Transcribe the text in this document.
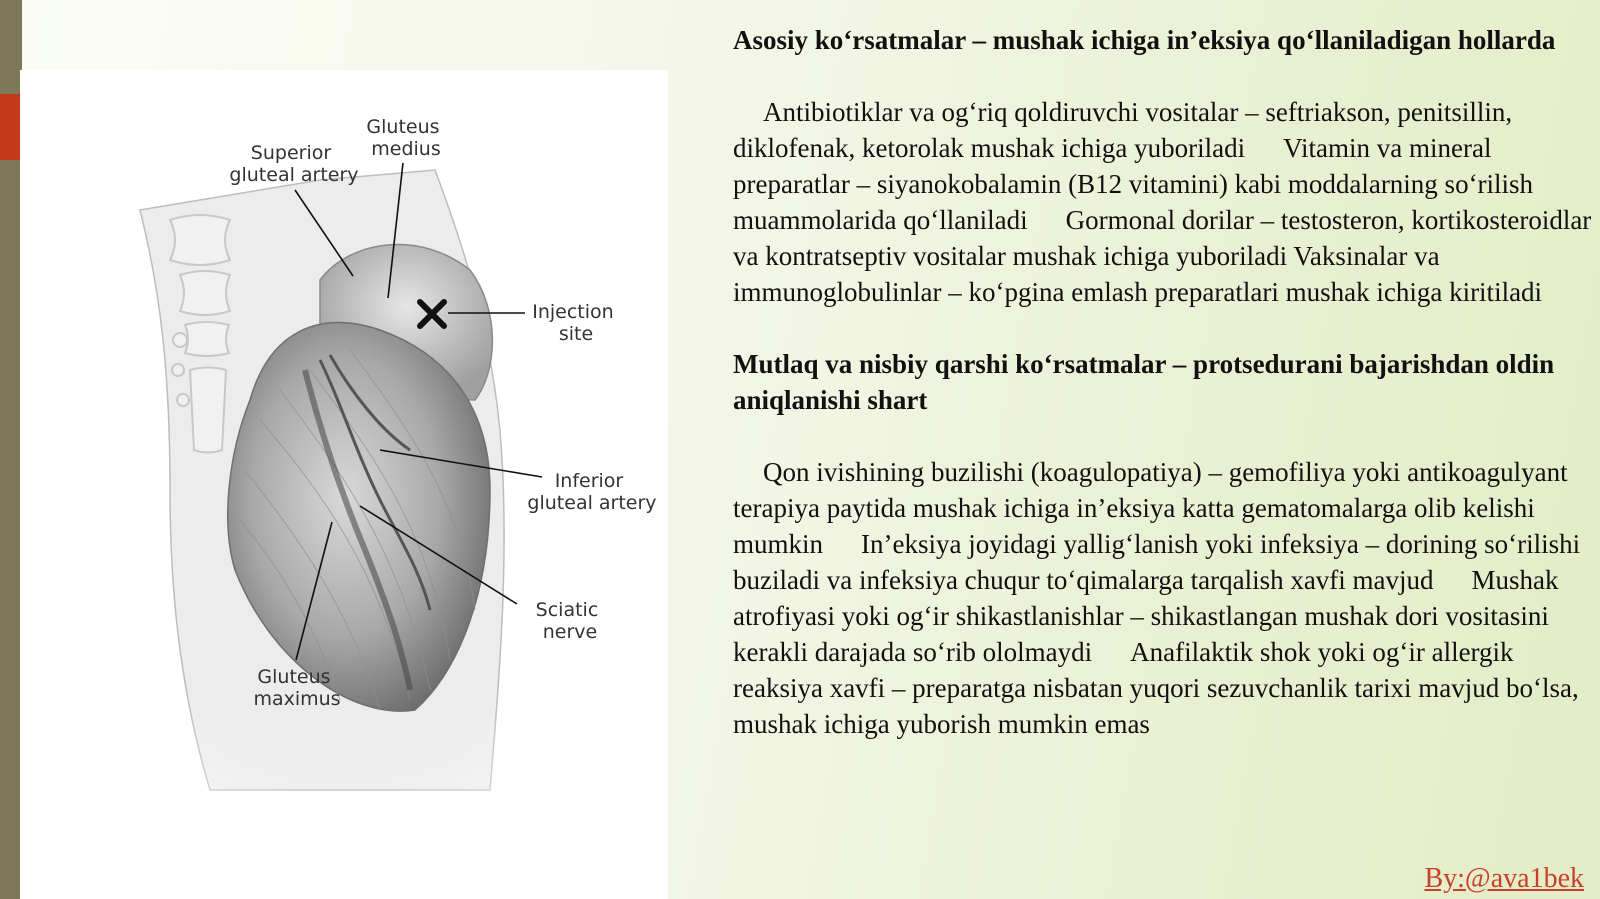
Gluteus medius
Superior gluteal artery
Injection site
Inferior gluteal artery
Sciatic nerve
Gluteus maximus

Asosiy ko‘rsatmalar – mushak ichiga in’eksiya qo‘llaniladigan hollarda

Antibiotiklar va og‘riq qoldiruvchi vositalar – seftriakson, penitsillin, diklofenak, ketorolak mushak ichiga yuboriladi Vitamin va mineral preparatlar – siyanokobalamin (B12 vitamini) kabi moddalarning so‘rilish muammolarida qo‘llaniladi Gormonal dorilar – testosteron, kortikosteroidlar va kontratseptiv vositalar mushak ichiga yuboriladi Vaksinalar va immunoglobulinlar – ko‘pgina emlash preparatlari mushak ichiga kiritiladi

Mutlaq va nisbiy qarshi ko‘rsatmalar – protsedurani bajarishdan oldin aniqlanishi shart

Qon ivishining buzilishi (koagulopatiya) – gemofiliya yoki antikoagulyant terapiya paytida mushak ichiga in’eksiya katta gematomalarga olib kelishi mumkin In’eksiya joyidagi yallig‘lanish yoki infeksiya – dorining so‘rilishi buziladi va infeksiya chuqur to‘qimalarga tarqalish xavfi mavjud Mushak atrofiyasi yoki og‘ir shikastlanishlar – shikastlangan mushak dori vositasini kerakli darajada so‘rib ololmaydi Anafilaktik shok yoki og‘ir allergik reaksiya xavfi – preparatga nisbatan yuqori sezuvchanlik tarixi mavjud bo‘lsa, mushak ichiga yuborish mumkin emas

By:@ava1bek
